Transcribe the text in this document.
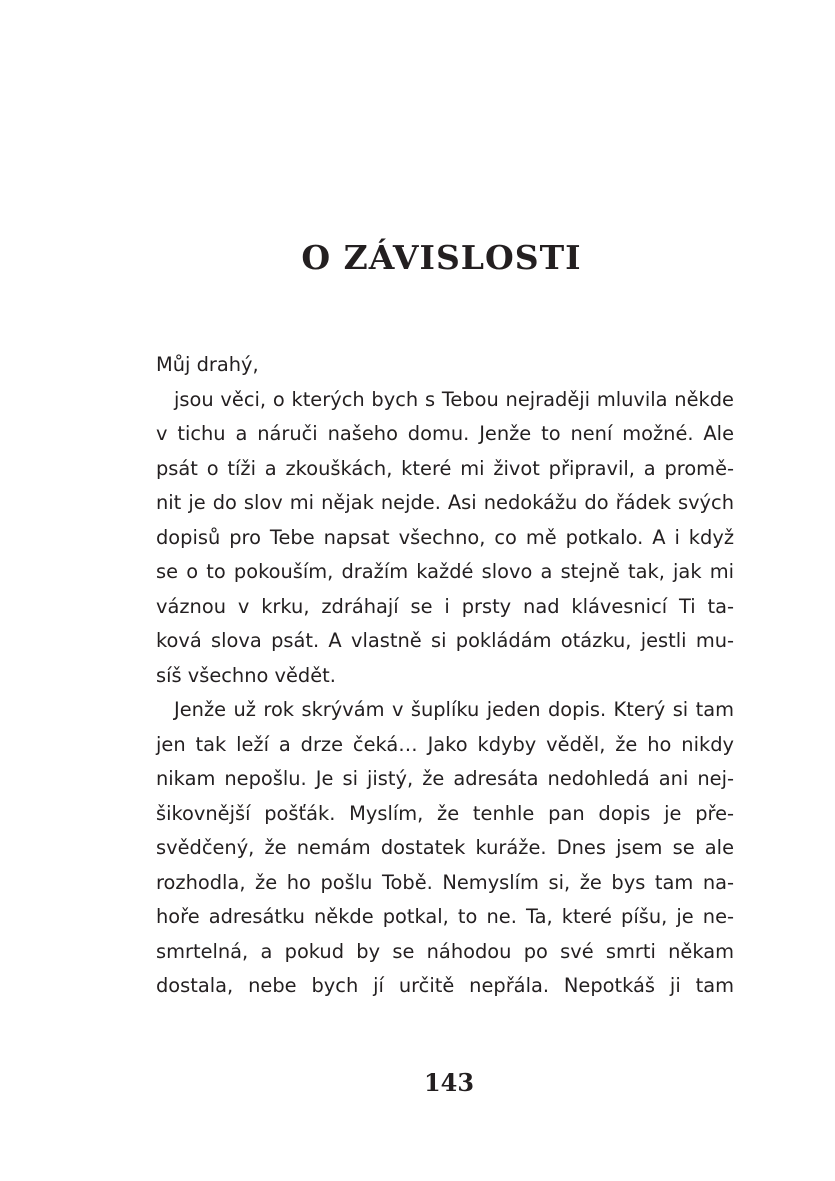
O ZÁVISLOSTI
Můj drahý,
jsou věci, o kterých bych s Tebou nejraději mluvila někde
v tichu a náruči našeho domu. Jenže to není možné. Ale
psát o tíži a zkouškách, které mi život připravil, a promě-
nit je do slov mi nějak nejde. Asi nedokážu do řádek svých
dopisů pro Tebe napsat všechno, co mě potkalo. A i když
se o to pokouším, dražím každé slovo a stejně tak, jak mi
váznou v krku, zdráhají se i prsty nad klávesnicí Ti ta-
ková slova psát. A vlastně si pokládám otázku, jestli mu-
síš všechno vědět.
Jenže už rok skrývám v šuplíku jeden dopis. Který si tam
jen tak leží a drze čeká… Jako kdyby věděl, že ho nikdy
nikam nepošlu. Je si jistý, že adresáta nedohledá ani nej-
šikovnější pošťák. Myslím, že tenhle pan dopis je pře-
svědčený, že nemám dostatek kuráže. Dnes jsem se ale
rozhodla, že ho pošlu Tobě. Nemyslím si, že bys tam na-
hoře adresátku někde potkal, to ne. Ta, které píšu, je ne-
smrtelná, a pokud by se náhodou po své smrti někam
dostala, nebe bych jí určitě nepřála. Nepotkáš ji tam
143
